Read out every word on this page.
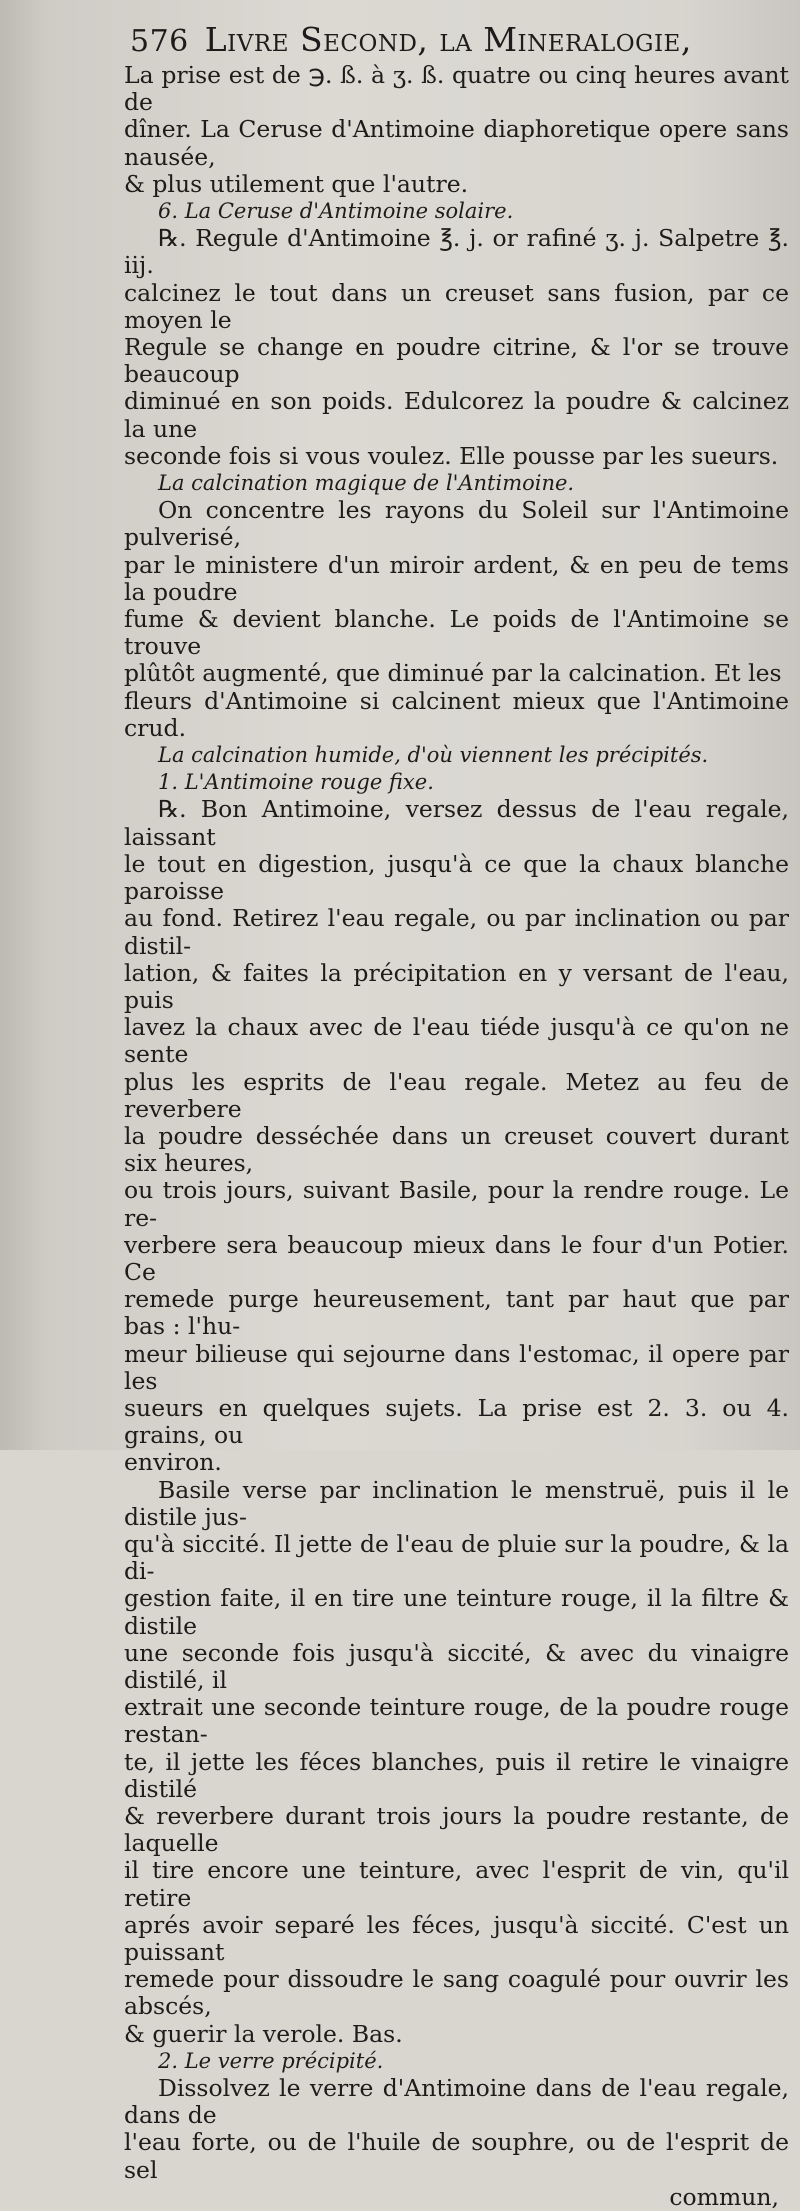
576 Livre Second, la Mineralogie,

La prise est de ℈. ß. à ʒ. ß. quatre ou cinq heures avant de

dîner. La Ceruse d'Antimoine diaphoretique opere sans nausée,

& plus utilement que l'autre.

6. La Ceruse d'Antimoine solaire.

℞. Regule d'Antimoine ℥. j. or rafiné ʒ. j. Salpetre ℥. iij.

calcinez le tout dans un creuset sans fusion, par ce moyen le

Regule se change en poudre citrine, & l'or se trouve beaucoup

diminué en son poids. Edulcorez la poudre & calcinez la une

seconde fois si vous voulez. Elle pousse par les sueurs.

La calcination magique de l'Antimoine.

On concentre les rayons du Soleil sur l'Antimoine pulverisé,

par le ministere d'un miroir ardent, & en peu de tems la poudre

fume & devient blanche. Le poids de l'Antimoine se trouve

plûtôt augmenté, que diminué par la calcination. Et les

fleurs d'Antimoine si calcinent mieux que l'Antimoine crud.

La calcination humide, d'où viennent les précipités.

1. L'Antimoine rouge fixe.

℞. Bon Antimoine, versez dessus de l'eau regale, laissant

le tout en digestion, jusqu'à ce que la chaux blanche paroisse

au fond. Retirez l'eau regale, ou par inclination ou par distil-

lation, & faites la précipitation en y versant de l'eau, puis

lavez la chaux avec de l'eau tiéde jusqu'à ce qu'on ne sente

plus les esprits de l'eau regale. Metez au feu de reverbere

la poudre desséchée dans un creuset couvert durant six heures,

ou trois jours, suivant Basile, pour la rendre rouge. Le re-

verbere sera beaucoup mieux dans le four d'un Potier. Ce

remede purge heureusement, tant par haut que par bas : l'hu-

meur bilieuse qui sejourne dans l'estomac, il opere par les

sueurs en quelques sujets. La prise est 2. 3. ou 4. grains, ou

environ.

Basile verse par inclination le menstruë, puis il le distile jus-

qu'à siccité. Il jette de l'eau de pluie sur la poudre, & la di-

gestion faite, il en tire une teinture rouge, il la filtre & distile

une seconde fois jusqu'à siccité, & avec du vinaigre distilé, il

extrait une seconde teinture rouge, de la poudre rouge restan-

te, il jette les féces blanches, puis il retire le vinaigre distilé

& reverbere durant trois jours la poudre restante, de laquelle

il tire encore une teinture, avec l'esprit de vin, qu'il retire

aprés avoir separé les féces, jusqu'à siccité. C'est un puissant

remede pour dissoudre le sang coagulé pour ouvrir les abscés,

& guerir la verole. Bas.

2. Le verre précipité.

Dissolvez le verre d'Antimoine dans de l'eau regale, dans de

l'eau forte, ou de l'huile de souphre, ou de l'esprit de sel

commun,
